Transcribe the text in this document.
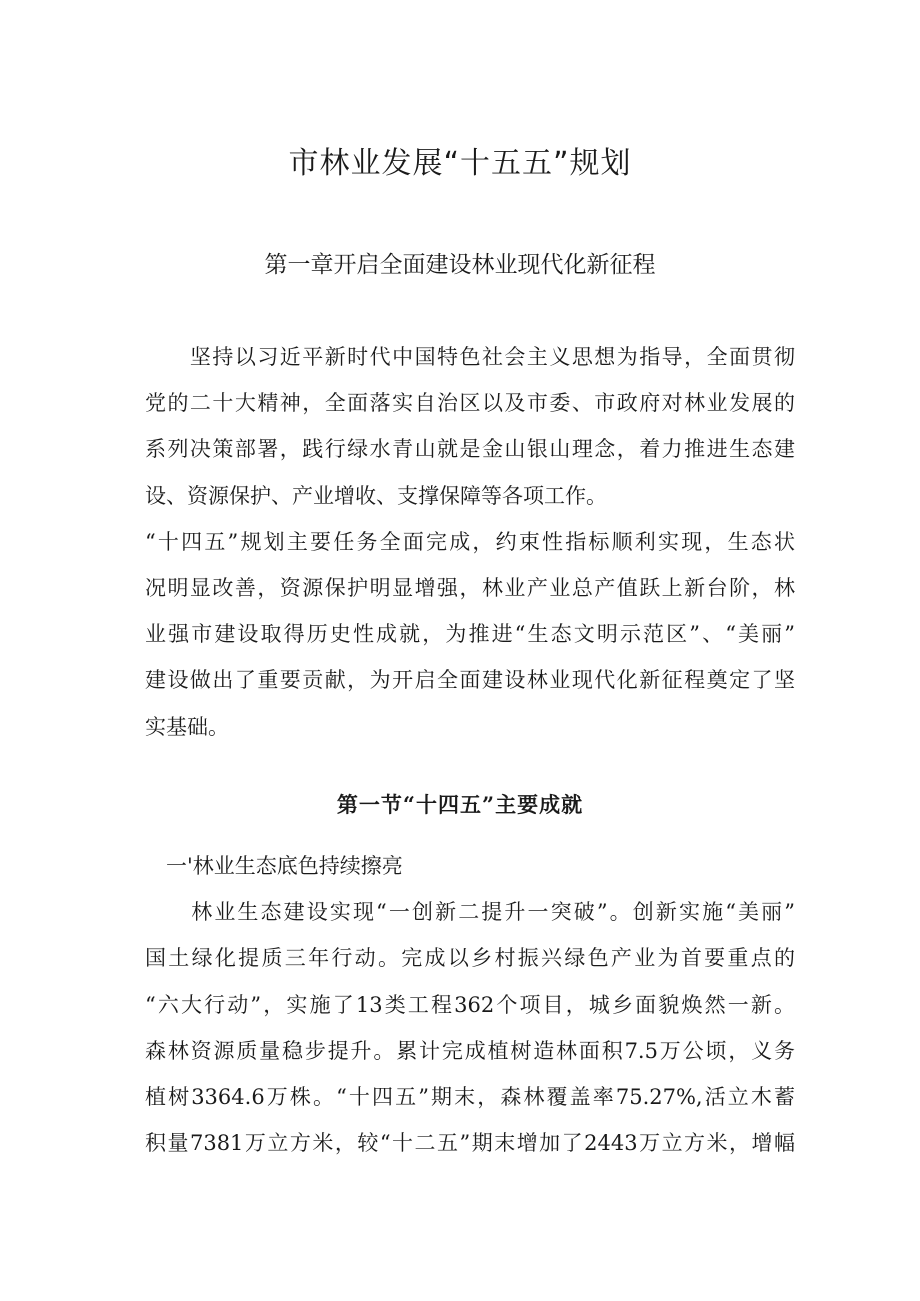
市林业发展“十五五”规划
第一章开启全面建设林业现代化新征程
　　坚持以习近平新时代中国特色社会主义思想为指导，全面贯彻
党的二十大精神，全面落实自治区以及市委、市政府对林业发展的
系列决策部署，践行绿水青山就是金山银山理念，着力推进生态建
设、资源保护、产业增收、支撑保障等各项工作。
“十四五”规划主要任务全面完成，约束性指标顺利实现，生态状
况明显改善，资源保护明显增强，林业产业总产值跃上新台阶，林
业强市建设取得历史性成就，为推进“生态文明示范区”、“美丽”
建设做出了重要贡献，为开启全面建设林业现代化新征程奠定了坚
实基础。
第一节“十四五”主要成就
　一'林业生态底色持续擦亮
　　林业生态建设实现“一创新二提升一突破”。创新实施“美丽”
国土绿化提质三年行动。完成以乡村振兴绿色产业为首要重点的
“六大行动”，实施了13类工程362个项目，城乡面貌焕然一新。
森林资源质量稳步提升。累计完成植树造林面积7.5万公顷，义务
植树3364.6万株。“十四五”期末，森林覆盖率75.27%,活立木蓄
积量7381万立方米，较“十二五”期末增加了2443万立方米，增幅
